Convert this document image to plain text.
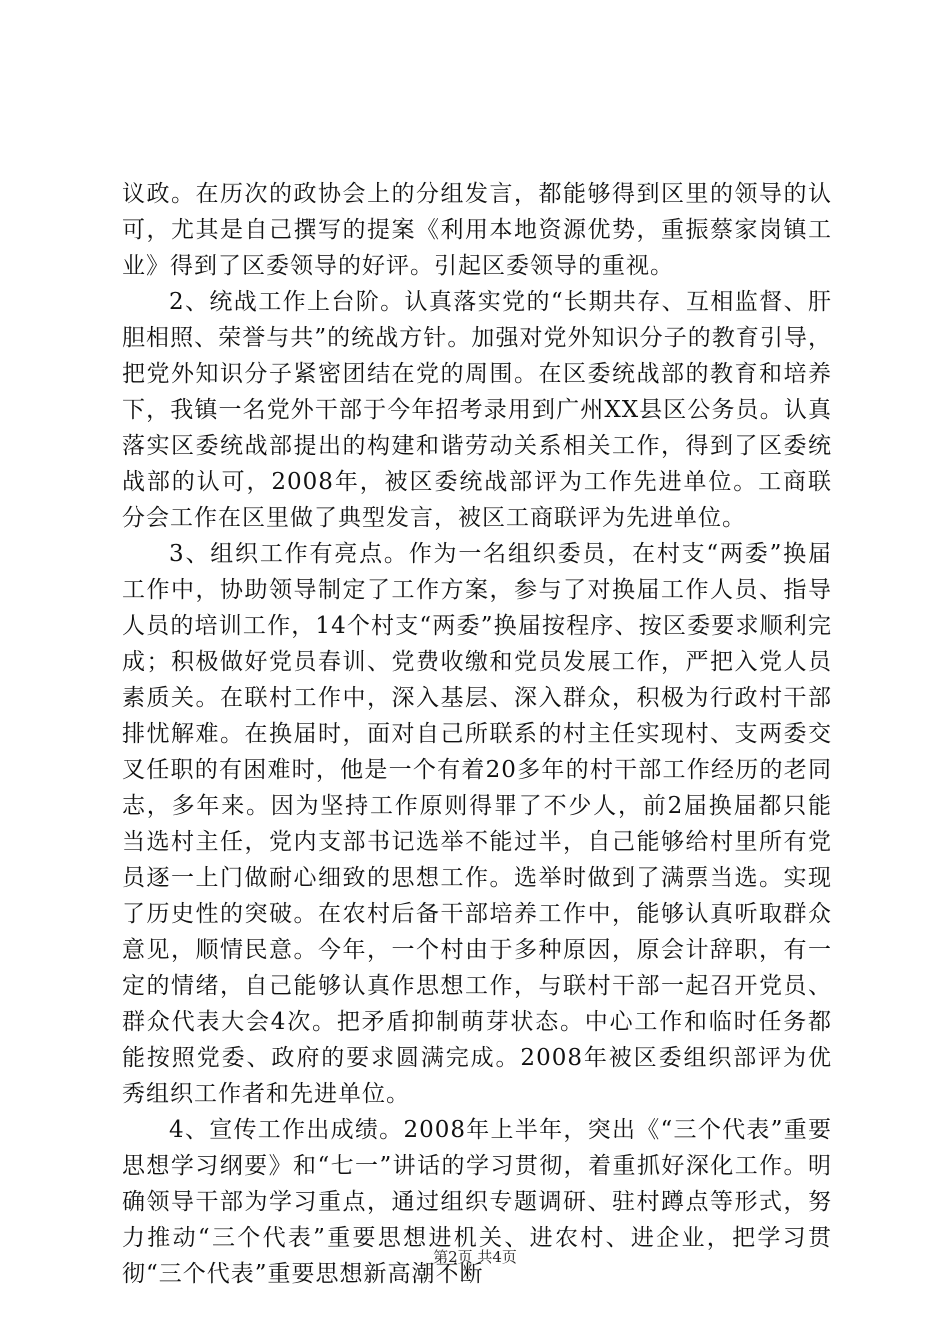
议政。在历次的政协会上的分组发言，都能够得到区里的领导的认可，尤其是自己撰写的提案《利用本地资源优势，重振蔡家岗镇工业》得到了区委领导的好评。引起区委领导的重视。

2、统战工作上台阶。认真落实党的“长期共存、互相监督、肝胆相照、荣誉与共”的统战方针。加强对党外知识分子的教育引导，把党外知识分子紧密团结在党的周围。在区委统战部的教育和培养下，我镇一名党外干部于今年招考录用到广州XX县区公务员。认真落实区委统战部提出的构建和谐劳动关系相关工作，得到了区委统战部的认可，2008年，被区委统战部评为工作先进单位。工商联分会工作在区里做了典型发言，被区工商联评为先进单位。

3、组织工作有亮点。作为一名组织委员，在村支“两委”换届工作中，协助领导制定了工作方案，参与了对换届工作人员、指导人员的培训工作，14个村支“两委”换届按程序、按区委要求顺利完成；积极做好党员春训、党费收缴和党员发展工作，严把入党人员素质关。在联村工作中，深入基层、深入群众，积极为行政村干部排忧解难。在换届时，面对自己所联系的村主任实现村、支两委交叉任职的有困难时，他是一个有着20多年的村干部工作经历的老同志，多年来。因为坚持工作原则得罪了不少人，前2届换届都只能当选村主任，党内支部书记选举不能过半，自己能够给村里所有党员逐一上门做耐心细致的思想工作。选举时做到了满票当选。实现了历史性的突破。在农村后备干部培养工作中，能够认真听取群众意见，顺情民意。今年，一个村由于多种原因，原会计辞职，有一定的情绪，自己能够认真作思想工作，与联村干部一起召开党员、群众代表大会4次。把矛盾抑制萌芽状态。中心工作和临时任务都能按照党委、政府的要求圆满完成。2008年被区委组织部评为优秀组织工作者和先进单位。

4、宣传工作出成绩。2008年上半年，突出《“三个代表”重要思想学习纲要》和“七一”讲话的学习贯彻，着重抓好深化工作。明确领导干部为学习重点，通过组织专题调研、驻村蹲点等形式，努力推动“三个代表”重要思想进机关、进农村、进企业，把学习贯彻“三个代表”重要思想新高潮不断

第2页 共4页
